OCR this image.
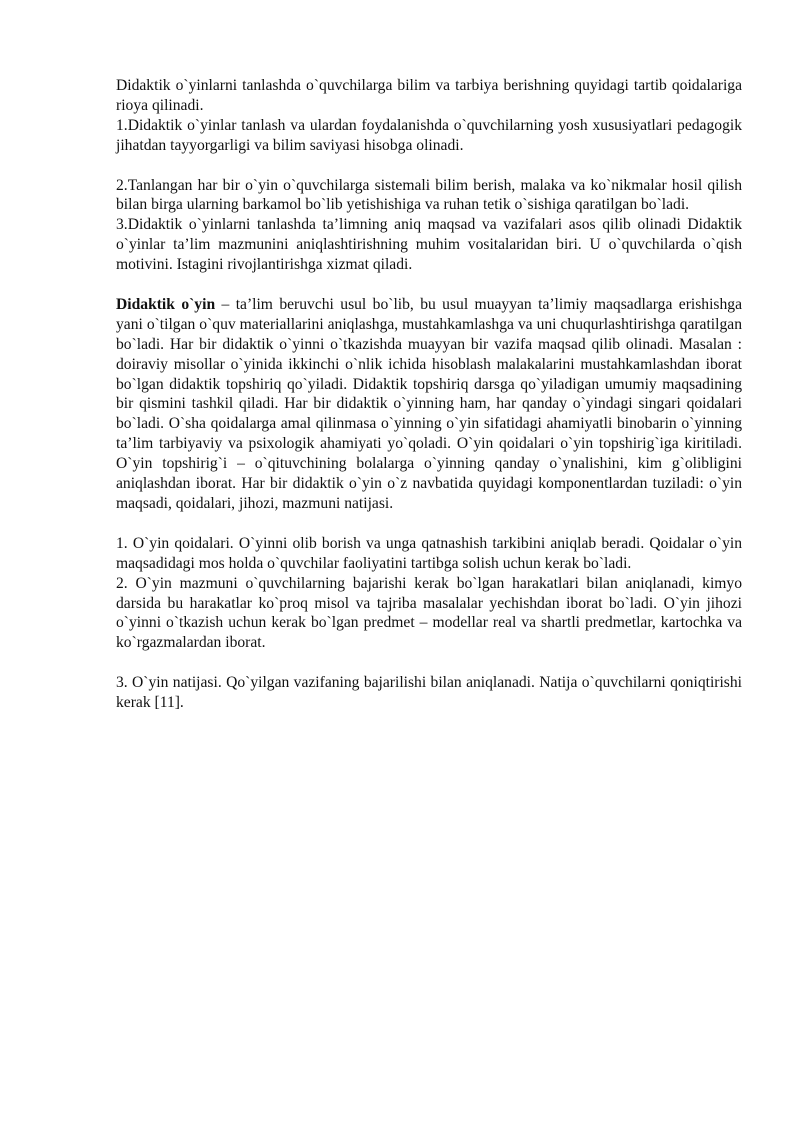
Didaktik o`yinlarni tanlashda o`quvchilarga bilim va tarbiya berishning quyidagi tartib qoidalariga rioya qilinadi.

1.Didaktik o`yinlar tanlash va ulardan foydalanishda o`quvchilarning yosh xususiyatlari pedagogik jihatdan tayyorgarligi va bilim saviyasi hisobga olinadi.

2.Tanlangan har bir o`yin o`quvchilarga sistemali bilim berish, malaka va ko`nikmalar hosil qilish bilan birga ularning barkamol bo`lib yetishishiga va ruhan tetik o`sishiga qaratilgan bo`ladi.

3.Didaktik o`yinlarni tanlashda ta’limning aniq maqsad va vazifalari asos qilib olinadi Didaktik o`yinlar ta’lim mazmunini aniqlashtirishning muhim vositalaridan biri. U o`quvchilarda o`qish motivini. Istagini rivojlantirishga xizmat qiladi.

Didaktik o`yin – ta’lim beruvchi usul bo`lib, bu usul muayyan ta’limiy maqsadlarga erishishga yani o`tilgan o`quv materiallarini aniqlashga, mustahkamlashga va uni chuqurlashtirishga qaratilgan bo`ladi. Har bir didaktik o`yinni o`tkazishda muayyan bir vazifa maqsad qilib olinadi. Masalan : doiraviy misollar o`yinida ikkinchi o`nlik ichida hisoblash malakalarini mustahkamlashdan iborat bo`lgan didaktik topshiriq qo`yiladi. Didaktik topshiriq darsga qo`yiladigan umumiy maqsadining bir qismini tashkil qiladi. Har bir didaktik o`yinning ham, har qanday o`yindagi singari qoidalari bo`ladi. O`sha qoidalarga amal qilinmasa o`yinning o`yin sifatidagi ahamiyatli binobarin o`yinning ta’lim tarbiyaviy va psixologik ahamiyati yo`qoladi. O`yin qoidalari o`yin topshirig`iga kiritiladi. O`yin topshirig`i – o`qituvchining bolalarga o`yinning qanday o`ynalishini, kim g`olibligini aniqlashdan iborat. Har bir didaktik o`yin o`z navbatida quyidagi komponentlardan tuziladi: o`yin maqsadi, qoidalari, jihozi, mazmuni natijasi.

1. O`yin qoidalari. O`yinni olib borish va unga qatnashish tarkibini aniqlab beradi. Qoidalar o`yin maqsadidagi mos holda o`quvchilar faoliyatini tartibga solish uchun kerak bo`ladi.

2. O`yin mazmuni o`quvchilarning bajarishi kerak bo`lgan harakatlari bilan aniqlanadi, kimyo darsida bu harakatlar ko`proq misol va tajriba masalalar yechishdan iborat bo`ladi. O`yin jihozi o`yinni o`tkazish uchun kerak bo`lgan predmet – modellar real va shartli predmetlar, kartochka va ko`rgazmalardan iborat.

3. O`yin natijasi. Qo`yilgan vazifaning bajarilishi bilan aniqlanadi. Natija o`quvchilarni qoniqtirishi kerak [11].
